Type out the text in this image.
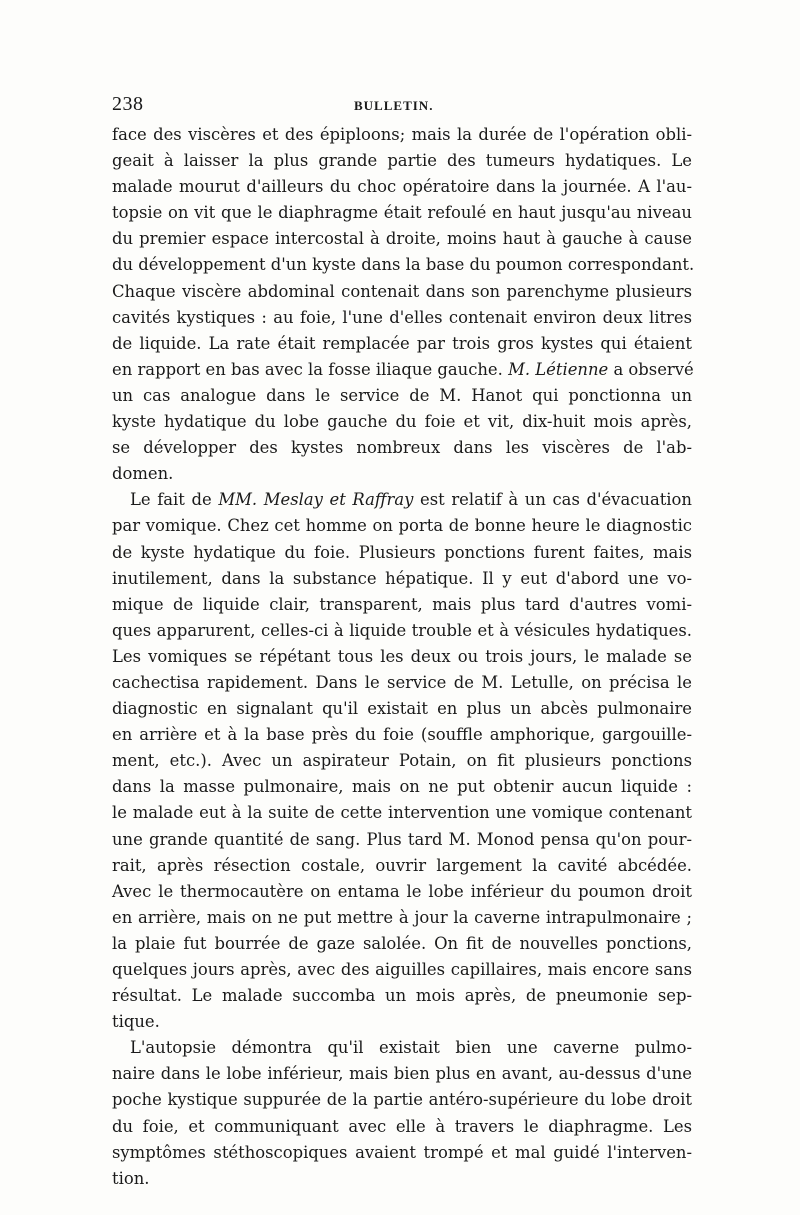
238	BULLETIN.
face des viscères et des épiploons; mais la durée de l'opération obli-
geait à laisser la plus grande partie des tumeurs hydatiques. Le
malade mourut d'ailleurs du choc opératoire dans la journée. A l'au-
topsie on vit que le diaphragme était refoulé en haut jusqu'au niveau
du premier espace intercostal à droite, moins haut à gauche à cause
du développement d'un kyste dans la base du poumon correspondant.
Chaque viscère abdominal contenait dans son parenchyme plusieurs
cavités kystiques : au foie, l'une d'elles contenait environ deux litres
de liquide. La rate était remplacée par trois gros kystes qui étaient
en rapport en bas avec la fosse iliaque gauche. M. Létienne a observé
un cas analogue dans le service de M. Hanot qui ponctionna un
kyste hydatique du lobe gauche du foie et vit, dix-huit mois après,
se développer des kystes nombreux dans les viscères de l'ab-
domen.
Le fait de MM. Meslay et Raffray est relatif à un cas d'évacuation
par vomique. Chez cet homme on porta de bonne heure le diagnostic
de kyste hydatique du foie. Plusieurs ponctions furent faites, mais
inutilement, dans la substance hépatique. Il y eut d'abord une vo-
mique de liquide clair, transparent, mais plus tard d'autres vomi-
ques apparurent, celles-ci à liquide trouble et à vésicules hydatiques.
Les vomiques se répétant tous les deux ou trois jours, le malade se
cachectisa rapidement. Dans le service de M. Letulle, on précisa le
diagnostic en signalant qu'il existait en plus un abcès pulmonaire
en arrière et à la base près du foie (souffle amphorique, gargouille-
ment, etc.). Avec un aspirateur Potain, on fit plusieurs ponctions
dans la masse pulmonaire, mais on ne put obtenir aucun liquide :
le malade eut à la suite de cette intervention une vomique contenant
une grande quantité de sang. Plus tard M. Monod pensa qu'on pour-
rait, après résection costale, ouvrir largement la cavité abcédée.
Avec le thermocautère on entama le lobe inférieur du poumon droit
en arrière, mais on ne put mettre à jour la caverne intrapulmonaire ;
la plaie fut bourrée de gaze salolée. On fit de nouvelles ponctions,
quelques jours après, avec des aiguilles capillaires, mais encore sans
résultat. Le malade succomba un mois après, de pneumonie sep-
tique.
L'autopsie démontra qu'il existait bien une caverne pulmo-
naire dans le lobe inférieur, mais bien plus en avant, au-dessus d'une
poche kystique suppurée de la partie antéro-supérieure du lobe droit
du foie, et communiquant avec elle à travers le diaphragme. Les
symptômes stéthoscopiques avaient trompé et mal guidé l'interven-
tion.
